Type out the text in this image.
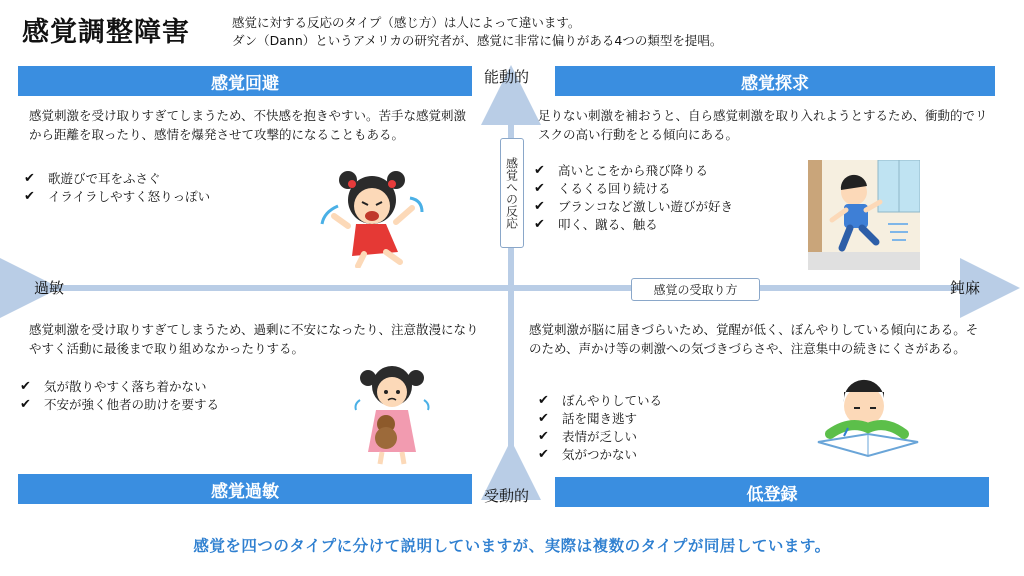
感覚調整障害	感覚に対する反応のタイプ（感じ方）は人によって違います。
ダン（Dann）というアメリカの研究者が、感覚に非常に偏りがある4つの類型を提唱。
能動的
受動的
過敏	鈍麻
感覚への反応
感覚の受取り方
感覚回避	感覚探求
感覚過敏	低登録
感覚刺激を受け取りすぎてしまうため、不快感を抱きやすい。苦手な感覚刺激から距離を取ったり、感情を爆発させて攻撃的になることもある。
✔	歌遊びで耳をふさぐ
✔	イライラしやすく怒りっぽい
足りない刺激を補おうと、自ら感覚刺激を取り入れようとするため、衝動的でリスクの高い行動をとる傾向にある。
✔	高いとこをから飛び降りる
✔	くるくる回り続ける
✔	ブランコなど激しい遊びが好き
✔	叩く、蹴る、触る
感覚刺激を受け取りすぎてしまうため、過剰に不安になったり、注意散漫になりやすく活動に最後まで取り組めなかったりする。
✔	気が散りやすく落ち着かない
✔	不安が強く他者の助けを要する
感覚刺激が脳に届きづらいため、覚醒が低く、ぼんやりしている傾向にある。そのため、声かけ等の刺激への気づきづらさや、注意集中の続きにくさがある。
✔	ぼんやりしている
✔	話を聞き逃す
✔	表情が乏しい
✔	気がつかない
感覚を四つのタイプに分けて説明していますが、実際は複数のタイプが同居しています。
